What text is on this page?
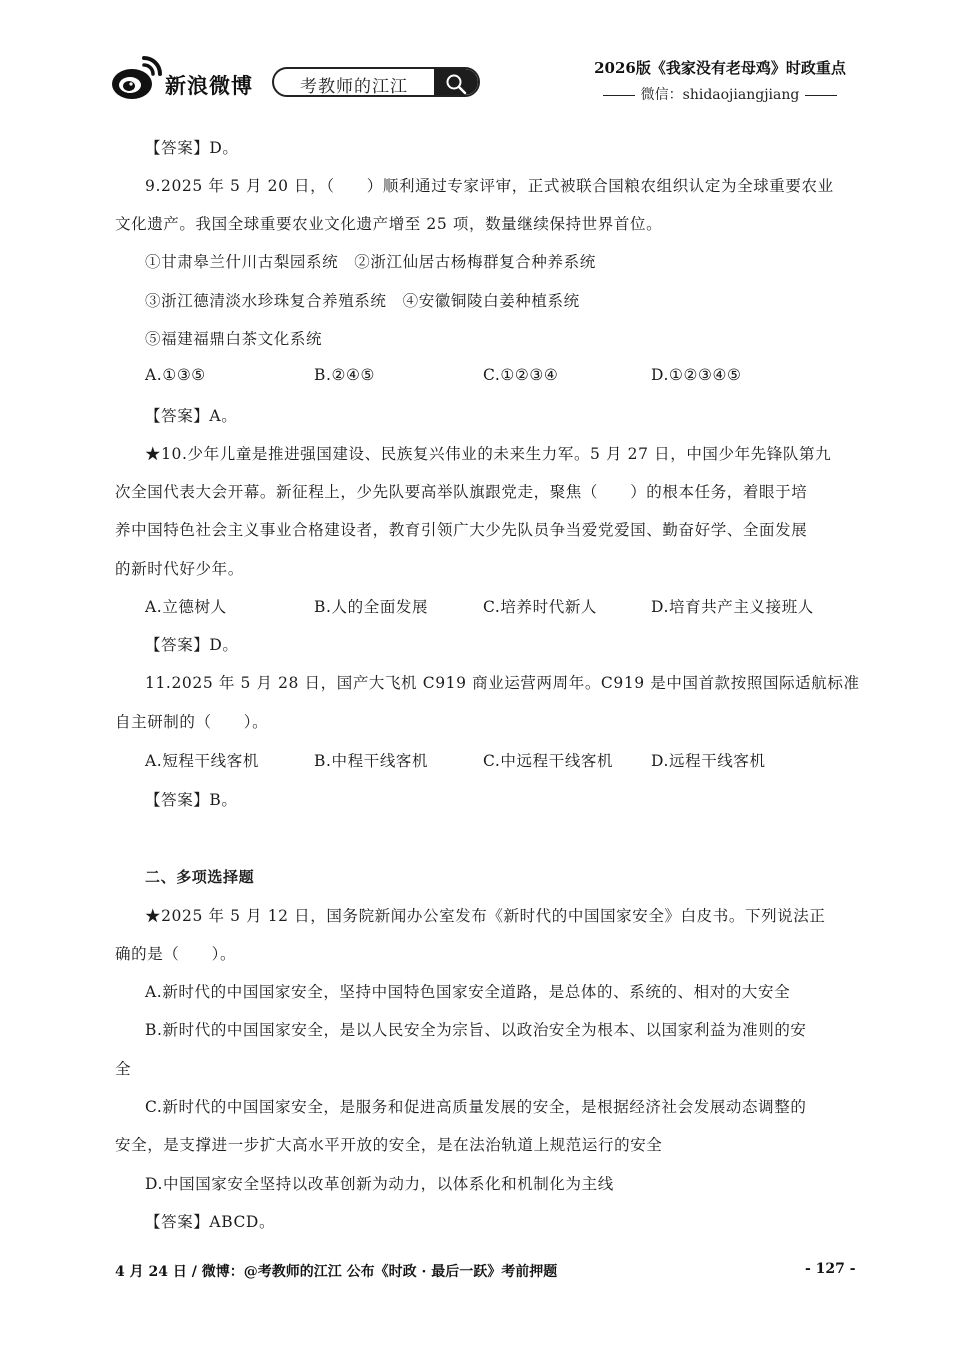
新浪微博	考教师的江江
2026版《我家没有老母鸡》时政重点
微信：shidaojiangjiang
【答案】D。
9.2025 年 5 月 20 日，（　　）顺利通过专家评审，正式被联合国粮农组织认定为全球重要农业
文化遗产。我国全球重要农业文化遗产增至 25 项，数量继续保持世界首位。
①甘肃皋兰什川古梨园系统　②浙江仙居古杨梅群复合种养系统
③浙江德清淡水珍珠复合养殖系统　④安徽铜陵白姜种植系统
⑤福建福鼎白茶文化系统
A.①③⑤	B.②④⑤	C.①②③④	D.①②③④⑤
【答案】A。
★10.少年儿童是推进强国建设、民族复兴伟业的未来生力军。5 月 27 日，中国少年先锋队第九
次全国代表大会开幕。新征程上，少先队要高举队旗跟党走，聚焦（　　）的根本任务，着眼于培
养中国特色社会主义事业合格建设者，教育引领广大少先队员争当爱党爱国、勤奋好学、全面发展
的新时代好少年。
A.立德树人	B.人的全面发展	C.培养时代新人	D.培育共产主义接班人
【答案】D。
11.2025 年 5 月 28 日，国产大飞机 C919 商业运营两周年。C919 是中国首款按照国际适航标准
自主研制的（　　）。
A.短程干线客机	B.中程干线客机	C.中远程干线客机 D.远程干线客机
【答案】B。
二、多项选择题
★2025 年 5 月 12 日，国务院新闻办公室发布《新时代的中国国家安全》白皮书。下列说法正
确的是（　　）。
A.新时代的中国国家安全，坚持中国特色国家安全道路，是总体的、系统的、相对的大安全
B.新时代的中国国家安全，是以人民安全为宗旨、以政治安全为根本、以国家利益为准则的安
全
C.新时代的中国国家安全，是服务和促进高质量发展的安全，是根据经济社会发展动态调整的
安全，是支撑进一步扩大高水平开放的安全，是在法治轨道上规范运行的安全
D.中国国家安全坚持以改革创新为动力，以体系化和机制化为主线
【答案】ABCD。
4 月 24 日 / 微博：@考教师的江江 公布《时政 · 最后一跃》考前押题	- 127 -
